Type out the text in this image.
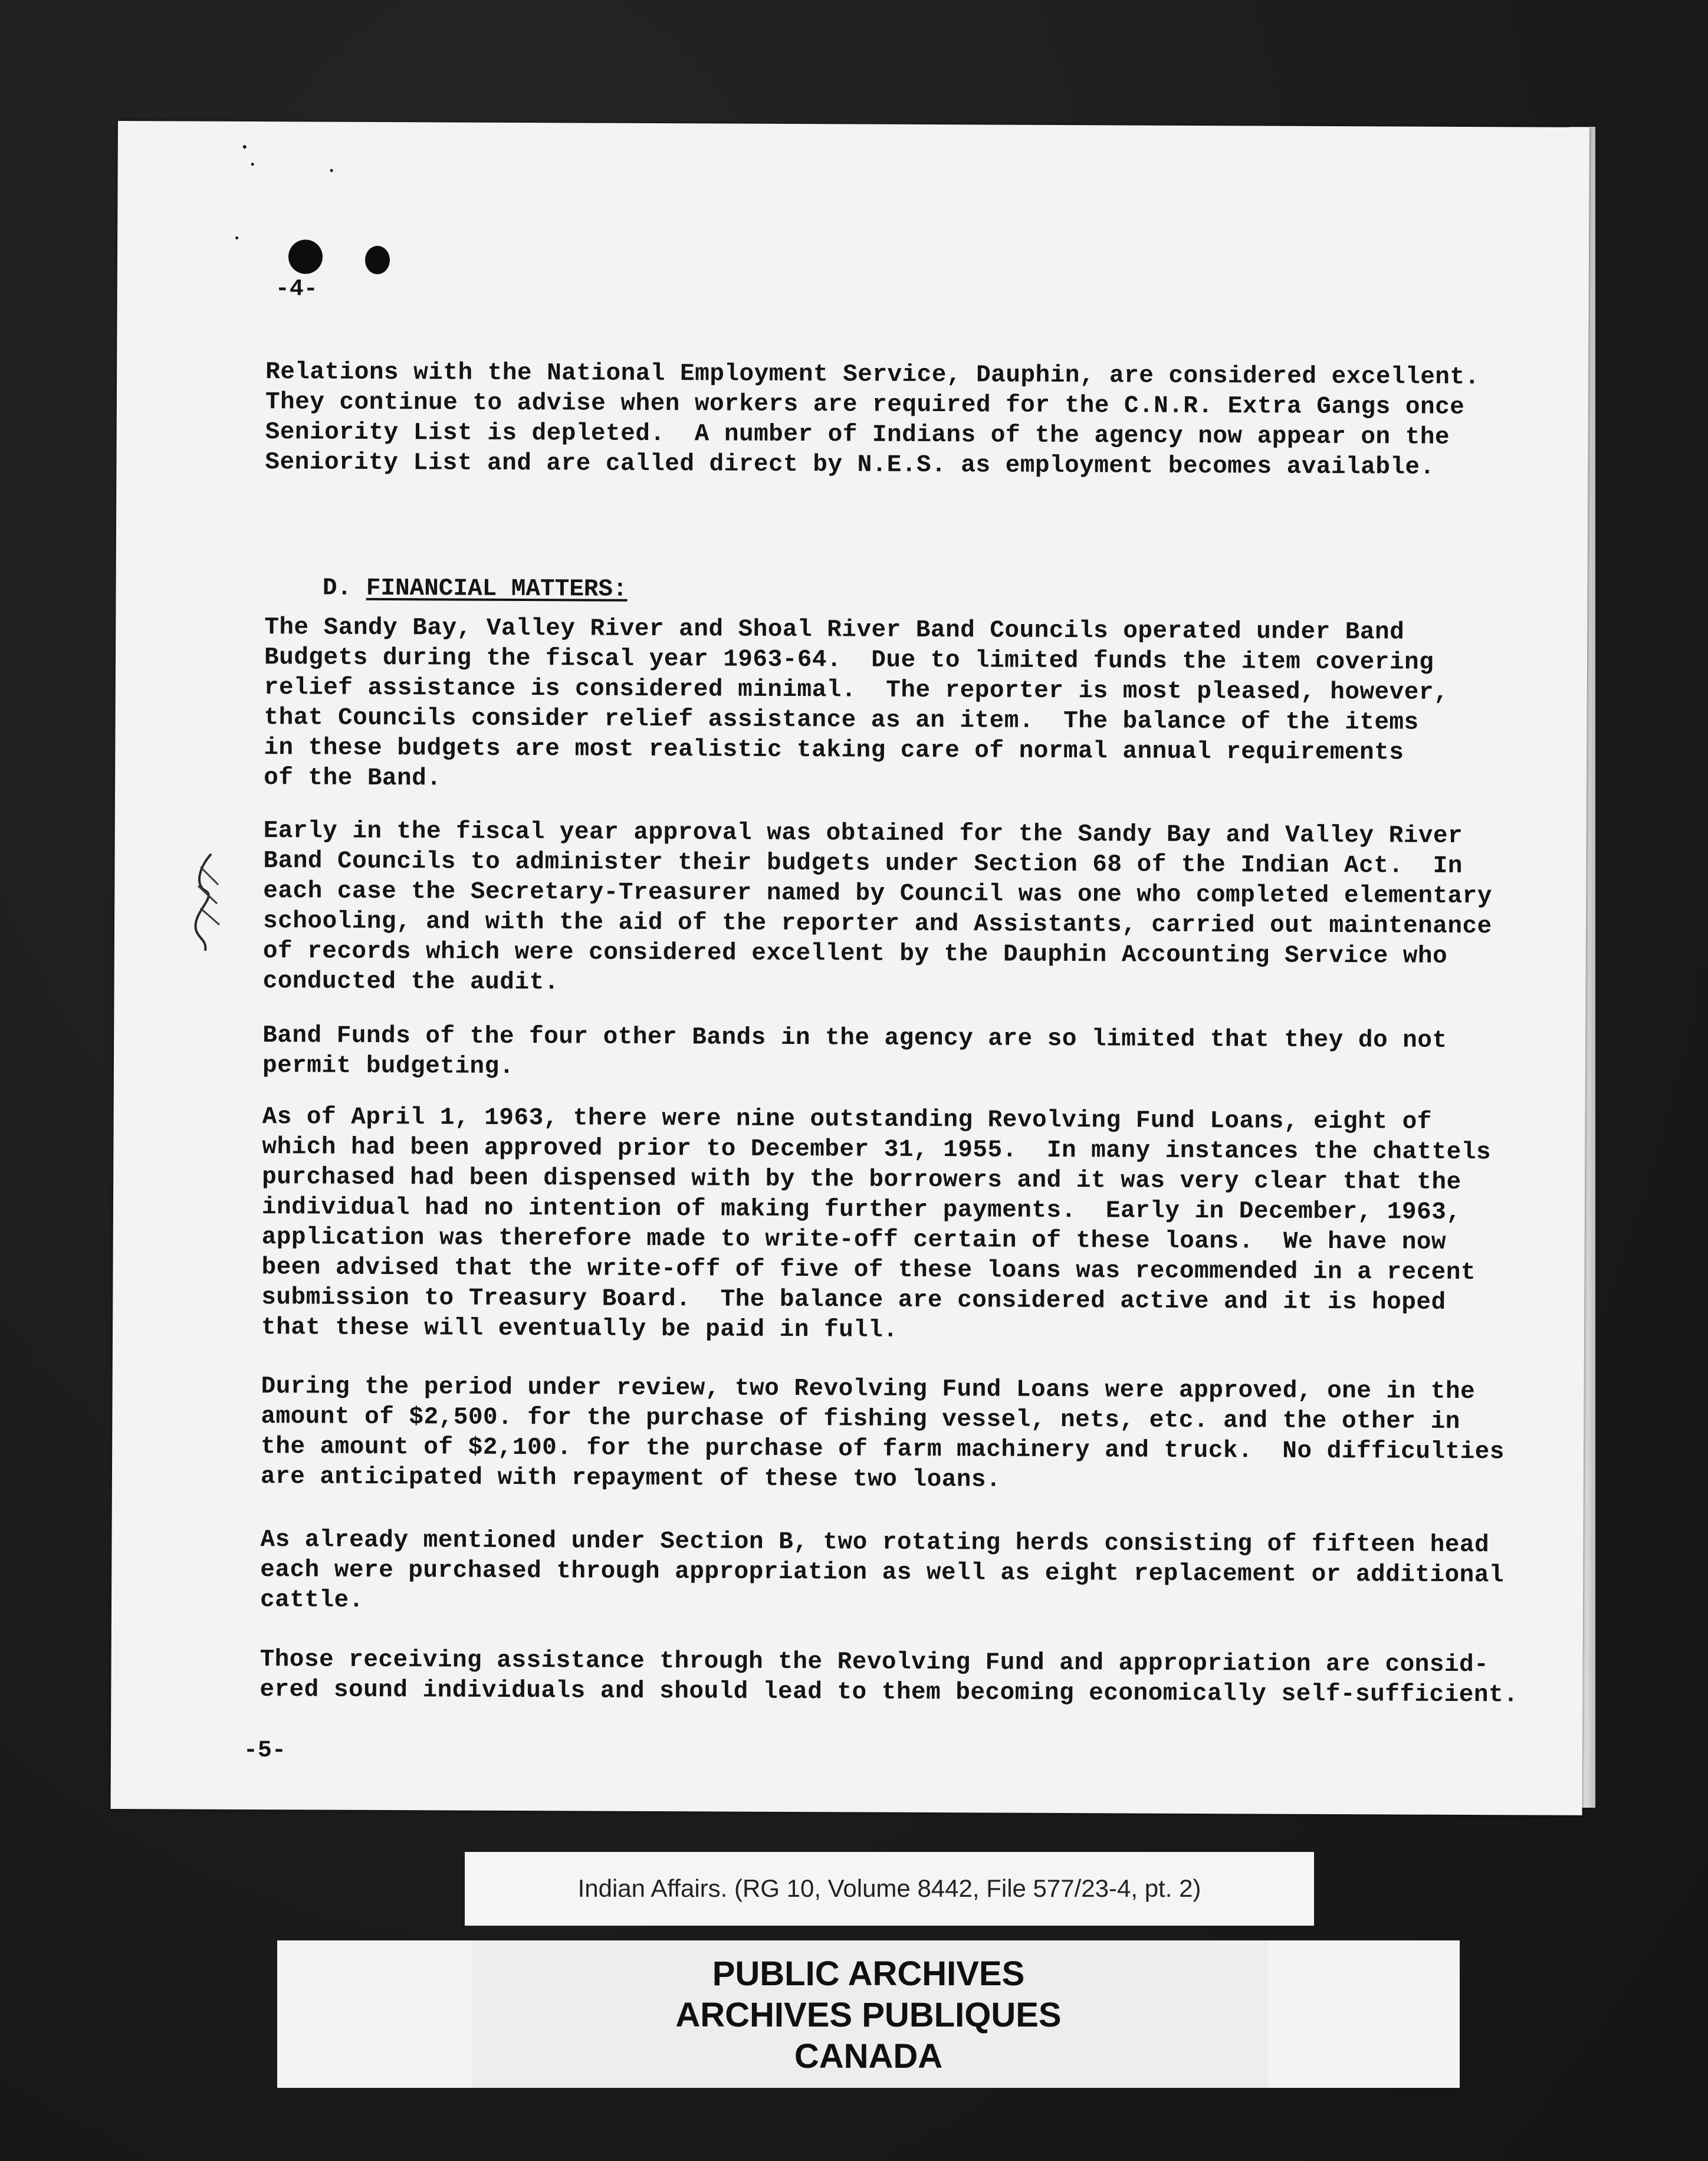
-4-
Relations with the National Employment Service, Dauphin, are considered excellent.
They continue to advise when workers are required for the C.N.R. Extra Gangs once
Seniority List is depleted.  A number of Indians of the agency now appear on the
Seniority List and are called direct by N.E.S. as employment becomes available.

D. FINANCIAL MATTERS:

The Sandy Bay, Valley River and Shoal River Band Councils operated under Band
Budgets during the fiscal year 1963-64.  Due to limited funds the item covering
relief assistance is considered minimal.  The reporter is most pleased, however,
that Councils consider relief assistance as an item.  The balance of the items
in these budgets are most realistic taking care of normal annual requirements
of the Band.
Early in the fiscal year approval was obtained for the Sandy Bay and Valley River
Band Councils to administer their budgets under Section 68 of the Indian Act.  In
each case the Secretary-Treasurer named by Council was one who completed elementary
schooling, and with the aid of the reporter and Assistants, carried out maintenance
of records which were considered excellent by the Dauphin Accounting Service who
conducted the audit.
Band Funds of the four other Bands in the agency are so limited that they do not
permit budgeting.
As of April 1, 1963, there were nine outstanding Revolving Fund Loans, eight of
which had been approved prior to December 31, 1955.  In many instances the chattels
purchased had been dispensed with by the borrowers and it was very clear that the
individual had no intention of making further payments.  Early in December, 1963,
application was therefore made to write-off certain of these loans.  We have now
been advised that the write-off of five of these loans was recommended in a recent
submission to Treasury Board.  The balance are considered active and it is hoped
that these will eventually be paid in full.
During the period under review, two Revolving Fund Loans were approved, one in the
amount of $2,500. for the purchase of fishing vessel, nets, etc. and the other in
the amount of $2,100. for the purchase of farm machinery and truck.  No difficulties
are anticipated with repayment of these two loans.
As already mentioned under Section B, two rotating herds consisting of fifteen head
each were purchased through appropriation as well as eight replacement or additional
cattle.
Those receiving assistance through the Revolving Fund and appropriation are consid-
ered sound individuals and should lead to them becoming economically self-sufficient.
-5-
Indian Affairs. (RG 10, Volume 8442, File 577/23-4, pt. 2)
PUBLIC ARCHIVES
ARCHIVES PUBLIQUES
CANADA
